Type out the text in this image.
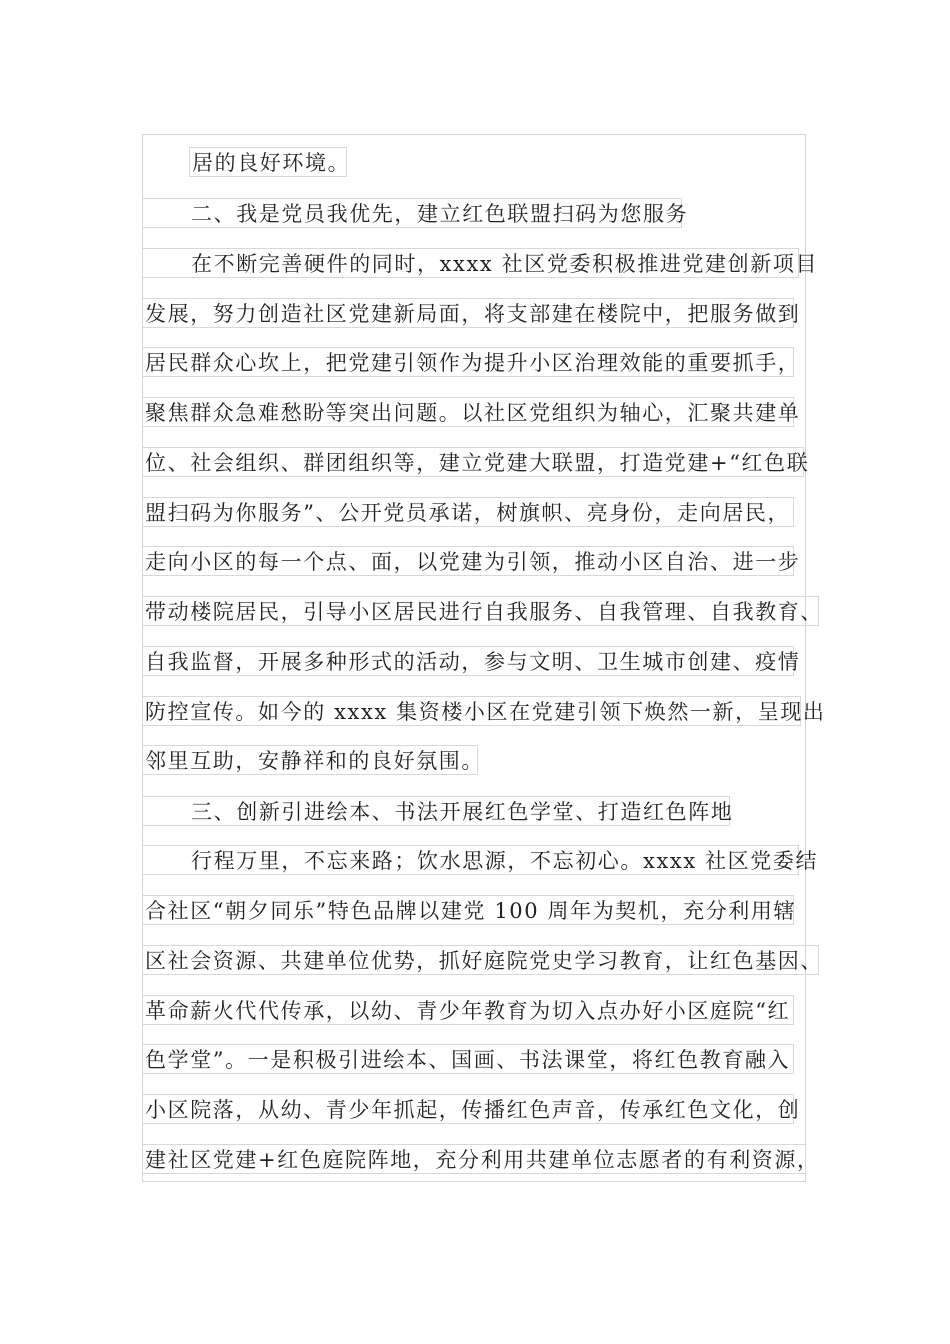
居的良好环境。
二、我是党员我优先，建立红色联盟扫码为您服务
在不断完善硬件的同时，xxxx 社区党委积极推进党建创新项目
发展，努力创造社区党建新局面，将支部建在楼院中，把服务做到
居民群众心坎上，把党建引领作为提升小区治理效能的重要抓手，
聚焦群众急难愁盼等突出问题。以社区党组织为轴心，汇聚共建单
位、社会组织、群团组织等，建立党建大联盟，打造党建+“红色联
盟扫码为你服务”、公开党员承诺，树旗帜、亮身份，走向居民，
走向小区的每一个点、面，以党建为引领，推动小区自治、进一步
带动楼院居民，引导小区居民进行自我服务、自我管理、自我教育、
自我监督，开展多种形式的活动，参与文明、卫生城市创建、疫情
防控宣传。如今的 xxxx 集资楼小区在党建引领下焕然一新，呈现出
邻里互助，安静祥和的良好氛围。
三、创新引进绘本、书法开展红色学堂、打造红色阵地
行程万里，不忘来路；饮水思源，不忘初心。xxxx 社区党委结
合社区“朝夕同乐”特色品牌以建党 100 周年为契机，充分利用辖
区社会资源、共建单位优势，抓好庭院党史学习教育，让红色基因、
革命薪火代代传承，以幼、青少年教育为切入点办好小区庭院“红
色学堂”。一是积极引进绘本、国画、书法课堂，将红色教育融入
小区院落，从幼、青少年抓起，传播红色声音，传承红色文化，创
建社区党建+红色庭院阵地，充分利用共建单位志愿者的有利资源，
